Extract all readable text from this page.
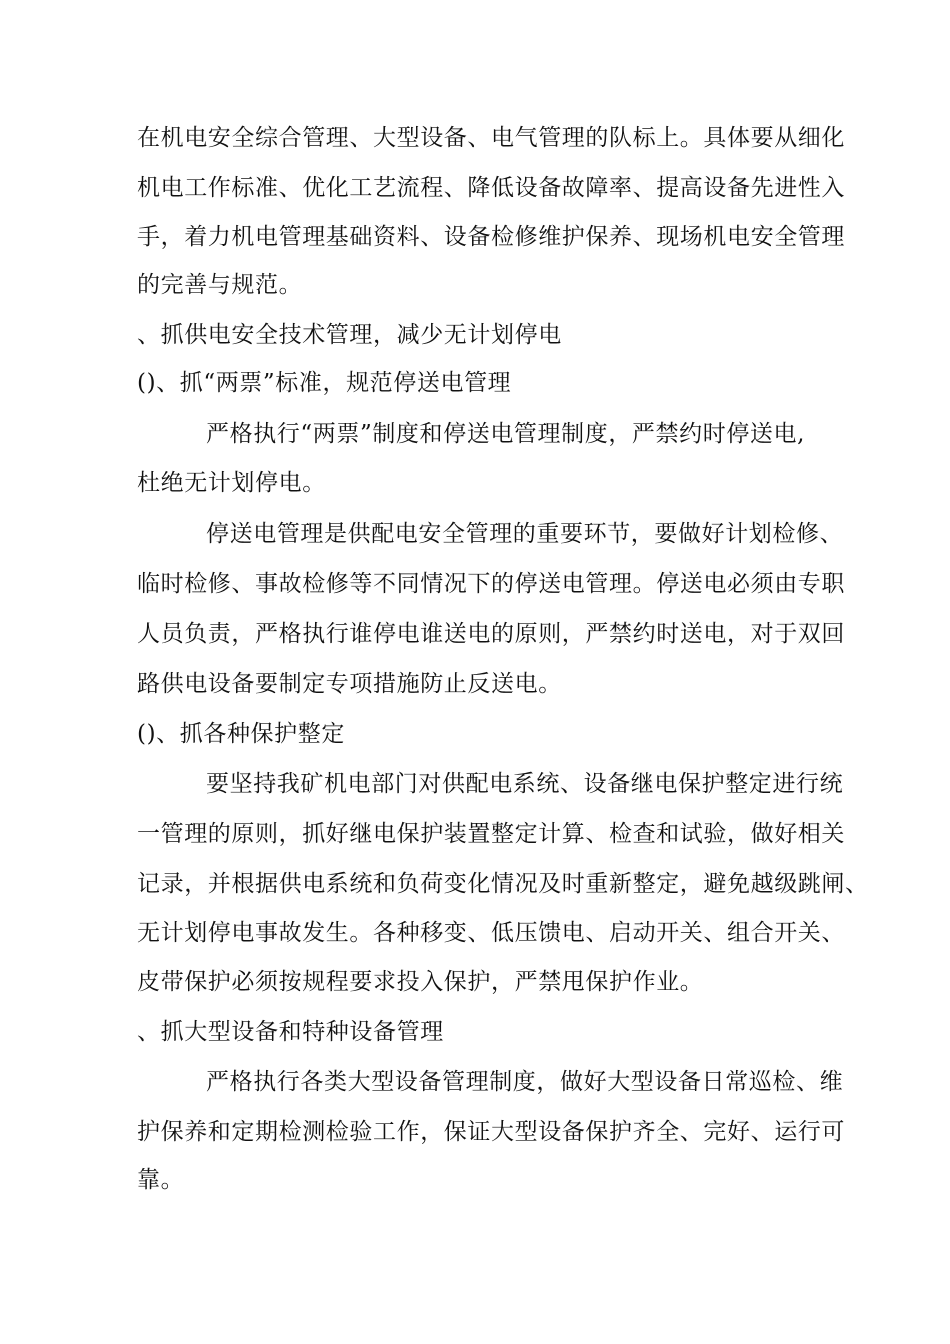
在机电安全综合管理、大型设备、电气管理的队标上。具体要从细化
机电工作标准、优化工艺流程、降低设备故障率、提高设备先进性入
手，着力机电管理基础资料、设备检修维护保养、现场机电安全管理
的完善与规范。
、抓供电安全技术管理，减少无计划停电
()、抓“两票”标准，规范停送电管理
严格执行“两票”制度和停送电管理制度，严禁约时停送电,
杜绝无计划停电。
停送电管理是供配电安全管理的重要环节，要做好计划检修、
临时检修、事故检修等不同情况下的停送电管理。停送电必须由专职
人员负责，严格执行谁停电谁送电的原则，严禁约时送电，对于双回
路供电设备要制定专项措施防止反送电。
()、抓各种保护整定
要坚持我矿机电部门对供配电系统、设备继电保护整定进行统
一管理的原则，抓好继电保护装置整定计算、检查和试验，做好相关
记录，并根据供电系统和负荷变化情况及时重新整定，避免越级跳闸、
无计划停电事故发生。各种移变、低压馈电、启动开关、组合开关、
皮带保护必须按规程要求投入保护，严禁甩保护作业。
、抓大型设备和特种设备管理
严格执行各类大型设备管理制度，做好大型设备日常巡检、维
护保养和定期检测检验工作，保证大型设备保护齐全、完好、运行可
靠。
